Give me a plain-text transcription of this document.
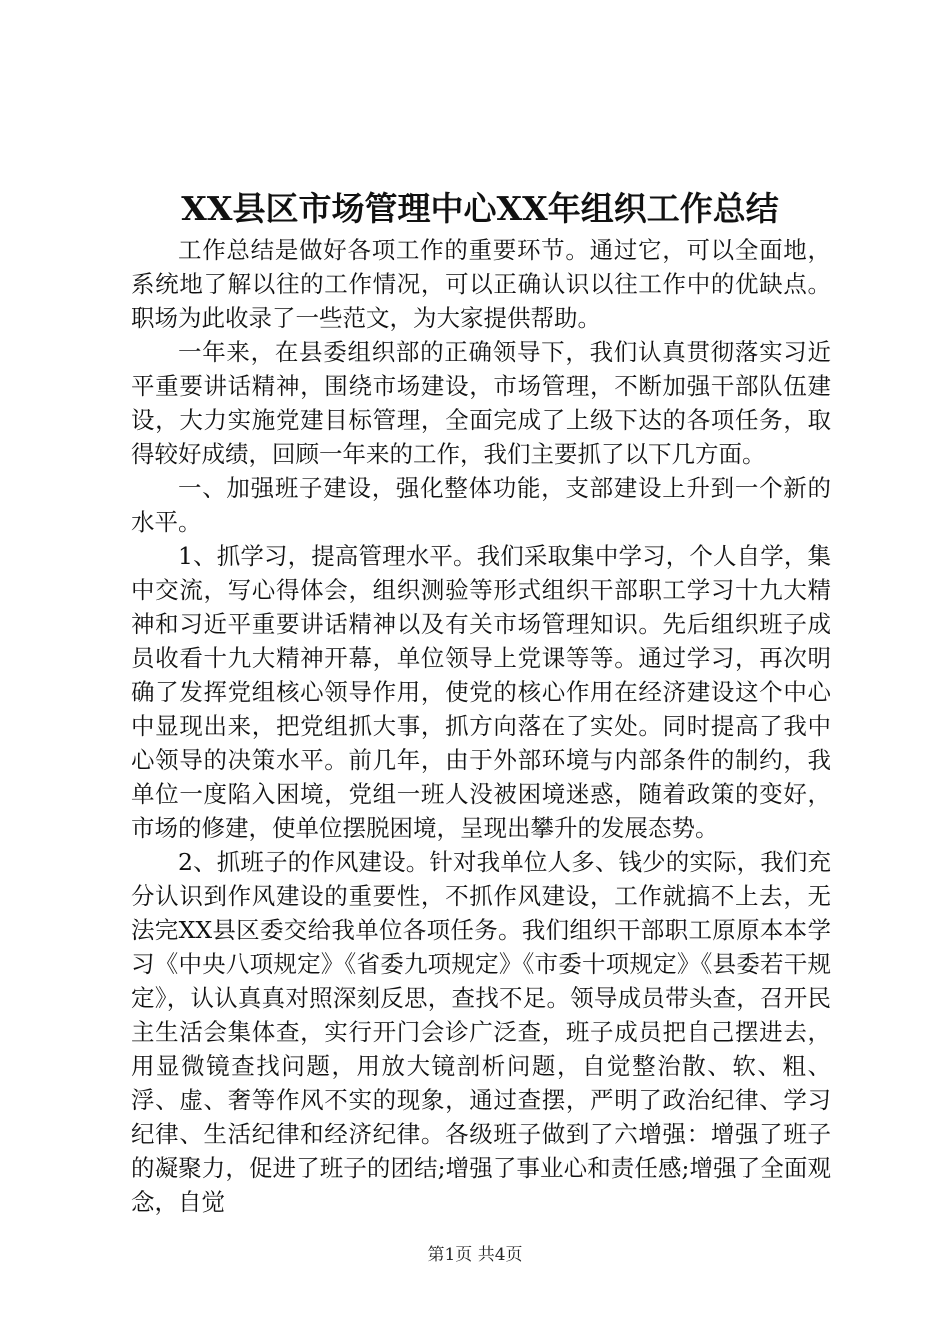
XX县区市场管理中心XX年组织工作总结

工作总结是做好各项工作的重要环节。通过它，可以全面地，系统地了解以往的工作情况，可以正确认识以往工作中的优缺点。职场为此收录了一些范文，为大家提供帮助。

一年来，在县委组织部的正确领导下，我们认真贯彻落实习近平重要讲话精神，围绕市场建设，市场管理，不断加强干部队伍建设，大力实施党建目标管理，全面完成了上级下达的各项任务，取得较好成绩，回顾一年来的工作，我们主要抓了以下几方面。

一、加强班子建设，强化整体功能，支部建设上升到一个新的水平。

1、抓学习，提高管理水平。我们采取集中学习，个人自学，集中交流，写心得体会，组织测验等形式组织干部职工学习十九大精神和习近平重要讲话精神以及有关市场管理知识。先后组织班子成员收看十九大精神开幕，单位领导上党课等等。通过学习，再次明确了发挥党组核心领导作用，使党的核心作用在经济建设这个中心中显现出来，把党组抓大事，抓方向落在了实处。同时提高了我中心领导的决策水平。前几年，由于外部环境与内部条件的制约，我单位一度陷入困境，党组一班人没被困境迷惑，随着政策的变好，市场的修建，使单位摆脱困境，呈现出攀升的发展态势。

2、抓班子的作风建设。针对我单位人多、钱少的实际，我们充分认识到作风建设的重要性，不抓作风建设，工作就搞不上去，无法完XX县区委交给我单位各项任务。我们组织干部职工原原本本学习《中央八项规定》《省委九项规定》《市委十项规定》《县委若干规定》，认认真真对照深刻反思，查找不足。领导成员带头查，召开民主生活会集体查，实行开门会诊广泛查，班子成员把自己摆进去，用显微镜查找问题，用放大镜剖析问题，自觉整治散、软、粗、浮、虚、奢等作风不实的现象，通过查摆，严明了政治纪律、学习纪律、生活纪律和经济纪律。各级班子做到了六增强：增强了班子的凝聚力，促进了班子的团结;增强了事业心和责任感;增强了全面观念，自觉

第1页 共4页
